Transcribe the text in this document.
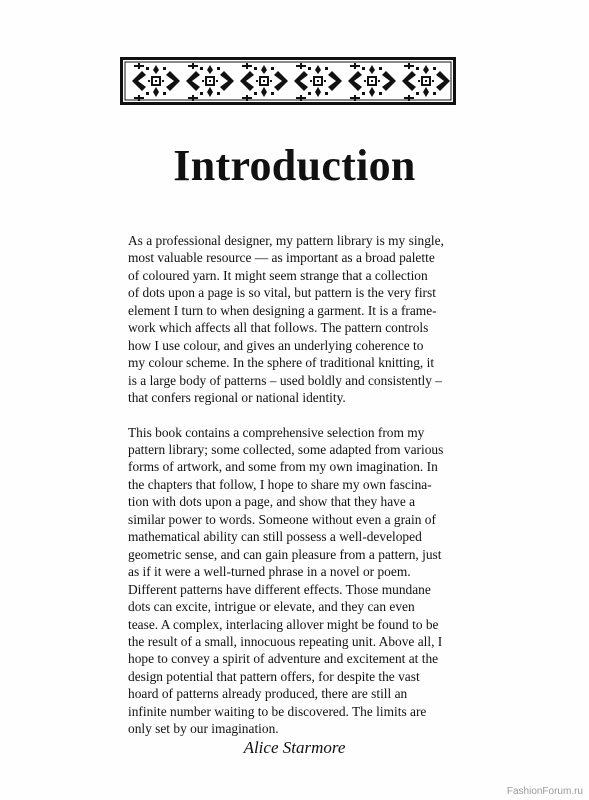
Introduction
As a professional designer, my pattern library is my single,
most valuable resource — as important as a broad palette
of coloured yarn. It might seem strange that a collection
of dots upon a page is so vital, but pattern is the very first
element I turn to when designing a garment. It is a frame-
work which affects all that follows. The pattern controls
how I use colour, and gives an underlying coherence to
my colour scheme. In the sphere of traditional knitting, it
is a large body of patterns – used boldly and consistently –
that confers regional or national identity.
This book contains a comprehensive selection from my
pattern library; some collected, some adapted from various
forms of artwork, and some from my own imagination. In
the chapters that follow, I hope to share my own fascina-
tion with dots upon a page, and show that they have a
similar power to words. Someone without even a grain of
mathematical ability can still possess a well-developed
geometric sense, and can gain pleasure from a pattern, just
as if it were a well-turned phrase in a novel or poem.
Different patterns have different effects. Those mundane
dots can excite, intrigue or elevate, and they can even
tease. A complex, interlacing allover might be found to be
the result of a small, innocuous repeating unit. Above all, I
hope to convey a spirit of adventure and excitement at the
design potential that pattern offers, for despite the vast
hoard of patterns already produced, there are still an
infinite number waiting to be discovered. The limits are
only set by our imagination.

Alice Starmore

FashionForum.ru
